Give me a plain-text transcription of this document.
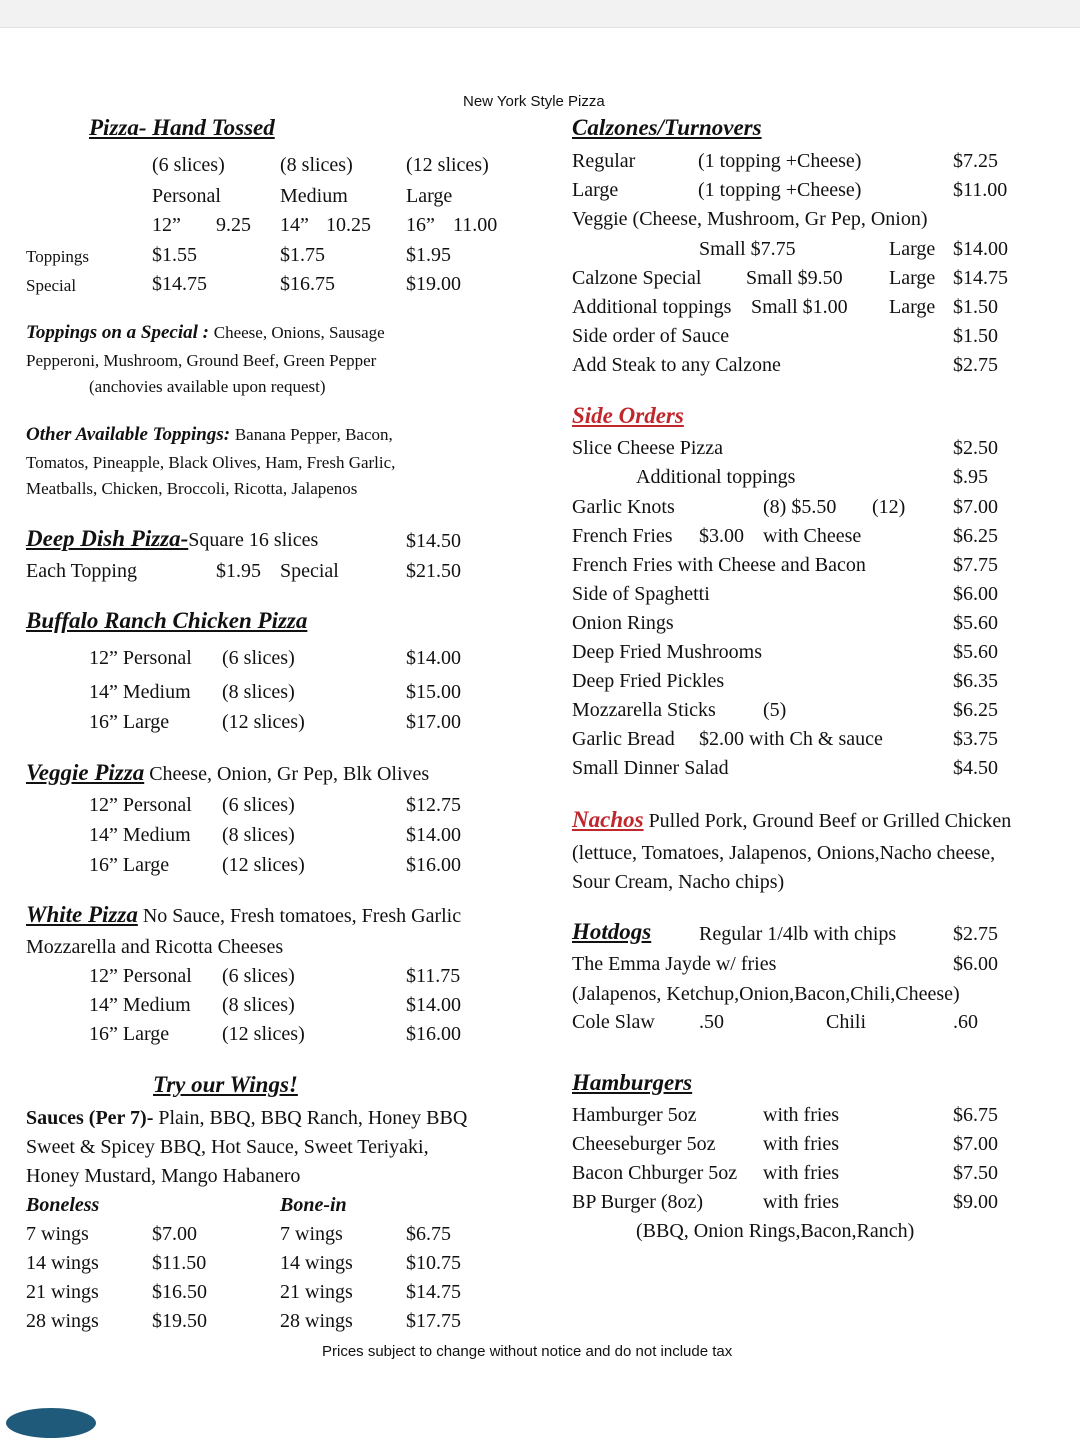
New York Style Pizza
Pizza- Hand Tossed
(6 slices)	(8 slices)	(12 slices)
Personal	Medium	Large
12” 9.25 14” 10.25 16” 11.00
Toppings	$1.55	$1.75	$1.95
Special	$14.75	$16.75	$19.00
Toppings on a Special : Cheese, Onions, Sausage
Pepperoni, Mushroom, Ground Beef, Green Pepper
(anchovies available upon request)
Other Available Toppings: Banana Pepper, Bacon,
Tomatos, Pineapple, Black Olives, Ham, Fresh Garlic,
Meatballs, Chicken, Broccoli, Ricotta, Jalapenos
Deep Dish Pizza-Square 16 slices	$14.50
Each Topping	$1.95 Special	$21.50
Buffalo Ranch Chicken Pizza
12” Personal (6 slices)	$14.00
14” Medium (8 slices)	$15.00
16” Large	(12 slices)	$17.00
Veggie Pizza Cheese, Onion, Gr Pep, Blk Olives
12” Personal (6 slices)	$12.75
14” Medium (8 slices)	$14.00
16” Large	(12 slices)	$16.00
White Pizza No Sauce, Fresh tomatoes, Fresh Garlic
Mozzarella and Ricotta Cheeses
12” Personal (6 slices)	$11.75
14” Medium (8 slices)	$14.00
16” Large	(12 slices)	$16.00
Try our Wings!
Sauces (Per 7)- Plain, BBQ, BBQ Ranch, Honey BBQ
Sweet & Spicey BBQ, Hot Sauce, Sweet Teriyaki,
Honey Mustard, Mango Habanero
Boneless	Bone-in
7 wings	$7.00	7 wings	$6.75
14 wings	$11.50	14 wings	$10.75
21 wings	$16.50	21 wings	$14.75
28 wings	$19.50	28 wings	$17.75
Calzones/Turnovers
Regular	(1 topping +Cheese)	$7.25
Large	(1 topping +Cheese)	$11.00
Veggie (Cheese, Mushroom, Gr Pep, Onion)
Small $7.75	Large $14.00
Calzone Special Small $9.50 Large $14.75
Additional toppings Small $1.00 Large $1.50
Side order of Sauce	$1.50
Add Steak to any Calzone	$2.75
Side Orders
Slice Cheese Pizza	$2.50
Additional toppings	$.95
Garlic Knots	(8) $5.50 (12) $7.00
French Fries $3.00 with Cheese	$6.25
French Fries with Cheese and Bacon	$7.75
Side of Spaghetti	$6.00
Onion Rings	$5.60
Deep Fried Mushrooms	$5.60
Deep Fried Pickles	$6.35
Mozzarella Sticks (5)	$6.25
Garlic Bread $2.00 with Ch & sauce	$3.75
Small Dinner Salad	$4.50
Nachos Pulled Pork, Ground Beef or Grilled Chicken
(lettuce, Tomatoes, Jalapenos, Onions,Nacho cheese,
Sour Cream, Nacho chips)
Hotdogs Regular 1/4lb with chips	$2.75
The Emma Jayde w/ fries	$6.00
(Jalapenos, Ketchup,Onion,Bacon,Chili,Cheese)
Cole Slaw .50	Chili	.60
Hamburgers
Hamburger 5oz	with fries	$6.75
Cheeseburger 5oz with fries	$7.00
Bacon Chburger 5oz with fries	$7.50
BP Burger (8oz)	with fries	$9.00
(BBQ, Onion Rings,Bacon,Ranch)
Prices subject to change without notice and do not include tax
